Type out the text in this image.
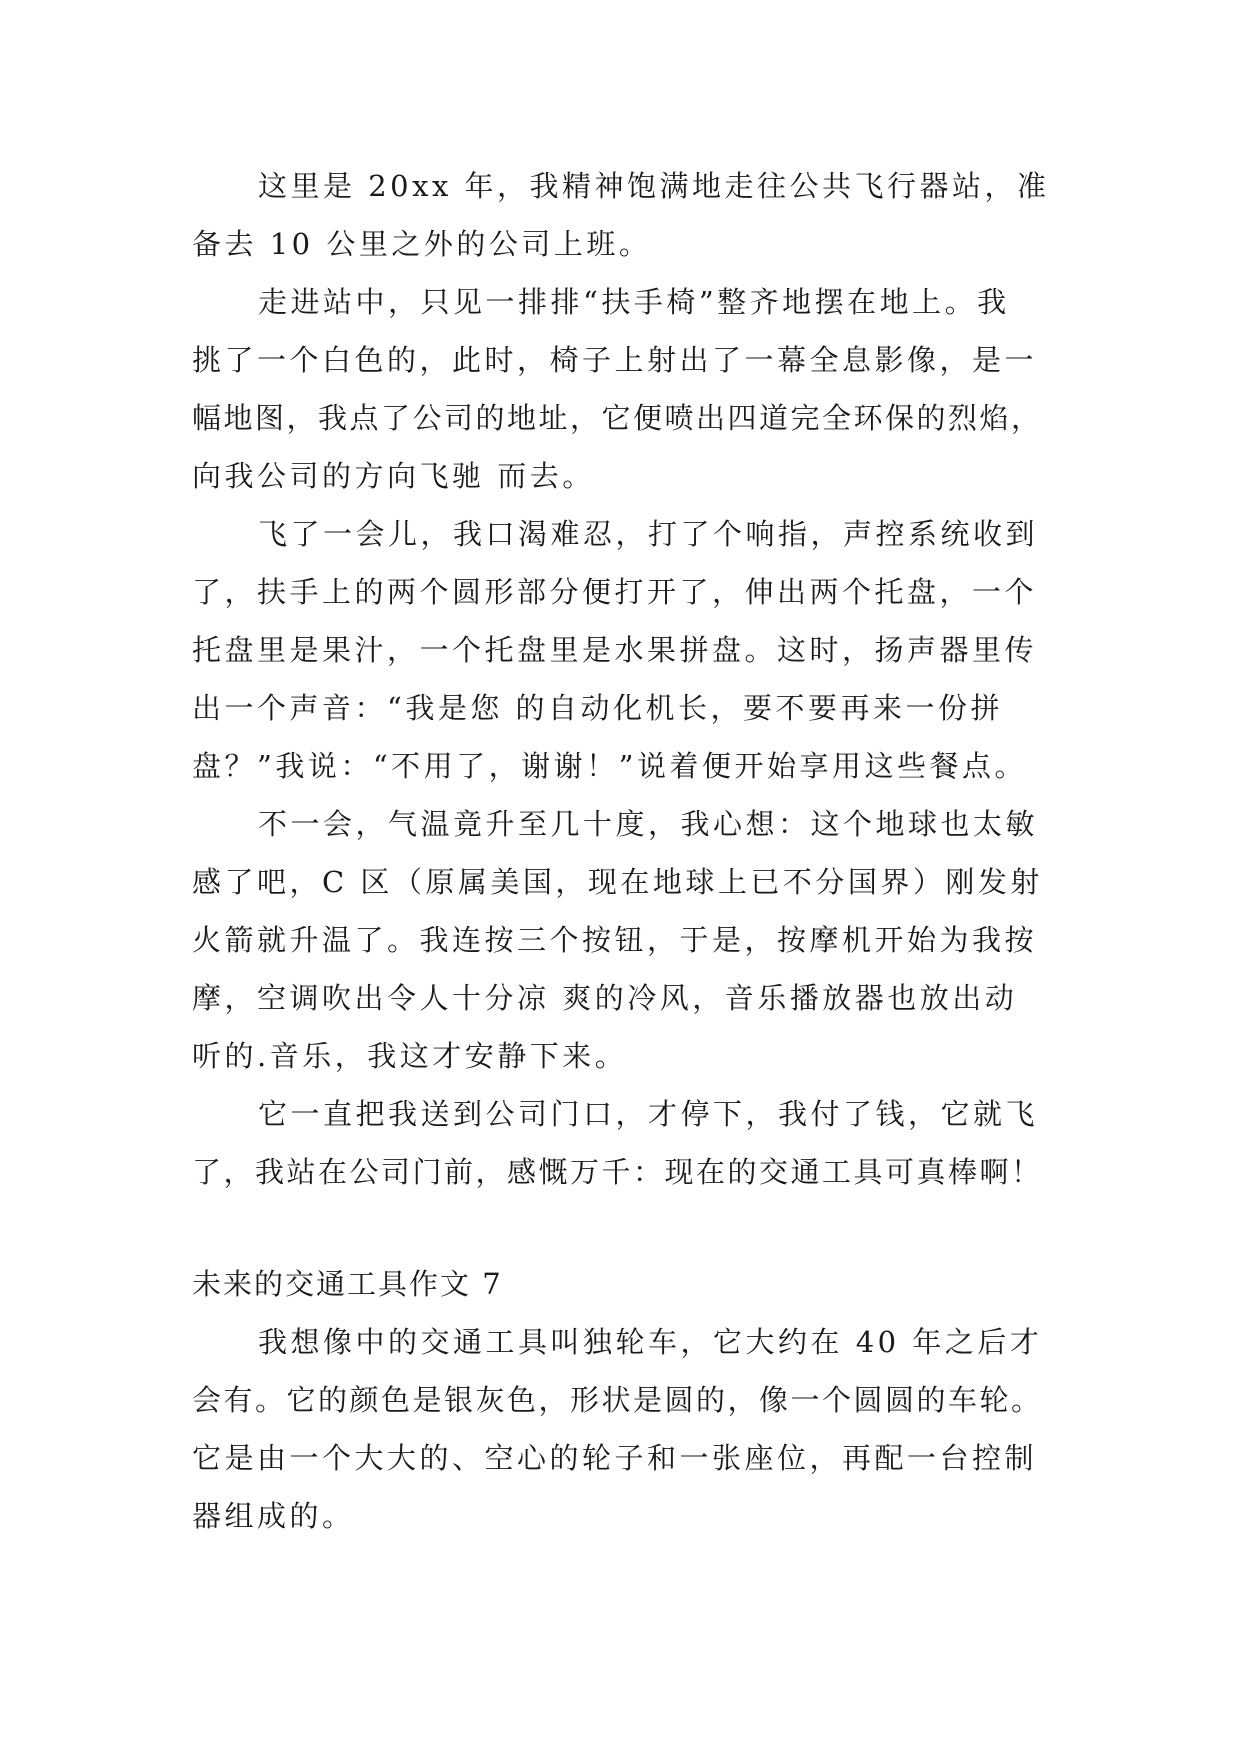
这里是 20xx 年，我精神饱满地走往公共飞行器站，准
备去 10 公里之外的公司上班。
走进站中，只见一排排“扶手椅”整齐地摆在地上。我
挑了一个白色的，此时，椅子上射出了一幕全息影像，是一
幅地图，我点了公司的地址，它便喷出四道完全环保的烈焰，
向我公司的方向飞驰 而去。
飞了一会儿，我口渴难忍，打了个响指，声控系统收到
了，扶手上的两个圆形部分便打开了，伸出两个托盘，一个
托盘里是果汁，一个托盘里是水果拼盘。这时，扬声器里传
出一个声音：“我是您 的自动化机长，要不要再来一份拼
盘？”我说：“不用了，谢谢！”说着便开始享用这些餐点。
不一会，气温竟升至几十度，我心想：这个地球也太敏
感了吧，C 区（原属美国，现在地球上已不分国界）刚发射
火箭就升温了。我连按三个按钮，于是，按摩机开始为我按
摩，空调吹出令人十分凉 爽的冷风，音乐播放器也放出动
听的.音乐，我这才安静下来。
它一直把我送到公司门口，才停下，我付了钱，它就飞
了，我站在公司门前，感慨万千：现在的交通工具可真棒啊！
未来的交通工具作文 7
我想像中的交通工具叫独轮车，它大约在 40 年之后才
会有。它的颜色是银灰色，形状是圆的，像一个圆圆的车轮。
它是由一个大大的、空心的轮子和一张座位，再配一台控制
器组成的。
